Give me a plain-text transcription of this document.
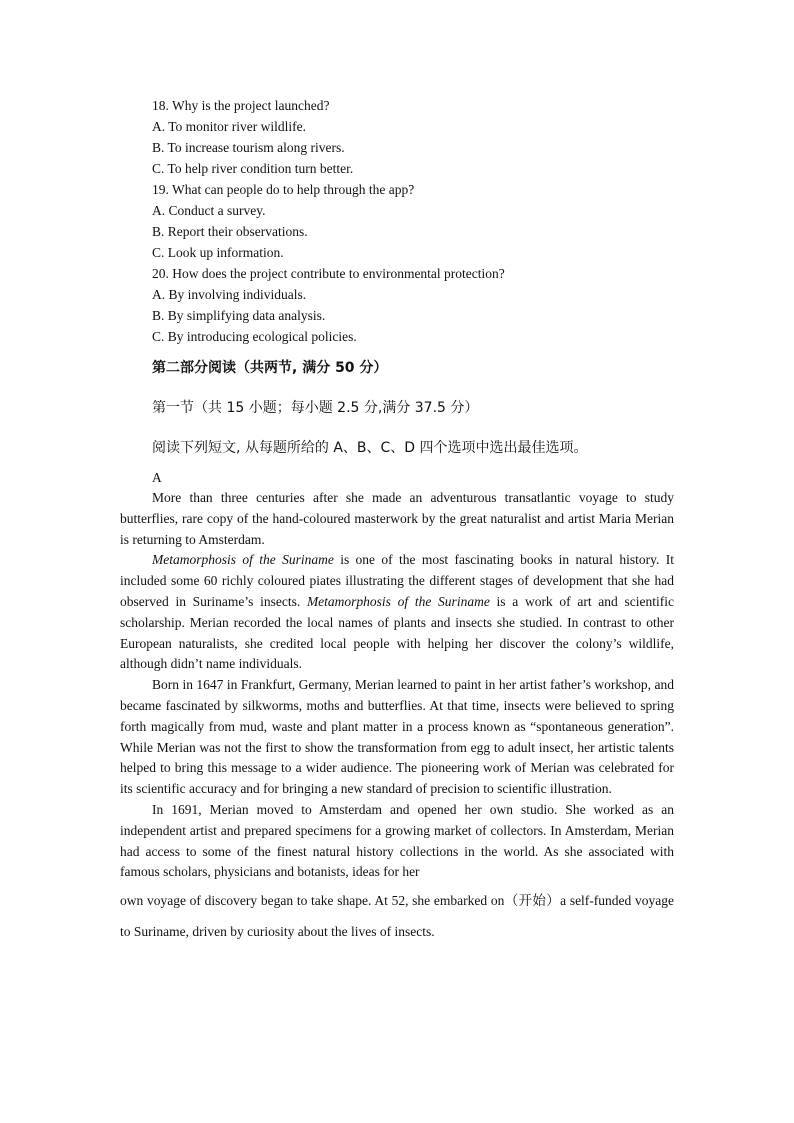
18. Why is the project launched?
A. To monitor river wildlife.
B. To increase tourism along rivers.
C. To help river condition turn better.
19. What can people do to help through the app?
A. Conduct a survey.
B. Report their observations.
C. Look up information.
20. How does the project contribute to environmental protection?
A. By involving individuals.
B. By simplifying data analysis.
C. By introducing ecological policies.
第二部分阅读（共两节, 满分 50 分）
第一节（共 15 小题；每小题 2.5 分,满分 37.5 分）
阅读下列短文, 从每题所给的 A、B、C、D 四个选项中选出最佳选项。
A

More than three centuries after she made an adventurous transatlantic voyage to study butterflies, rare copy of the hand-coloured masterwork by the great naturalist and artist Maria Merian is returning to Amsterdam.

Metamorphosis of the Suriname is one of the most fascinating books in natural history. It included some 60 richly coloured piates illustrating the different stages of development that she had observed in Suriname’s insects. Metamorphosis of the Suriname is a work of art and scientific scholarship. Merian recorded the local names of plants and insects she studied. In contrast to other European naturalists, she credited local people with helping her discover the colony’s wildlife, although didn’t name individuals.

Born in 1647 in Frankfurt, Germany, Merian learned to paint in her artist father’s workshop, and became fascinated by silkworms, moths and butterflies. At that time, insects were believed to spring forth magically from mud, waste and plant matter in a process known as “spontaneous generation”. While Merian was not the first to show the transformation from egg to adult insect, her artistic talents helped to bring this message to a wider audience. The pioneering work of Merian was celebrated for its scientific accuracy and for bringing a new standard of precision to scientific illustration.

In 1691, Merian moved to Amsterdam and opened her own studio. She worked as an independent artist and prepared specimens for a growing market of collectors. In Amsterdam, Merian had access to some of the finest natural history collections in the world. As she associated with famous scholars, physicians and botanists, ideas for her

own voyage of discovery began to take shape. At 52, she embarked on（开始）a self-funded voyage to Suriname, driven by curiosity about the lives of insects.
